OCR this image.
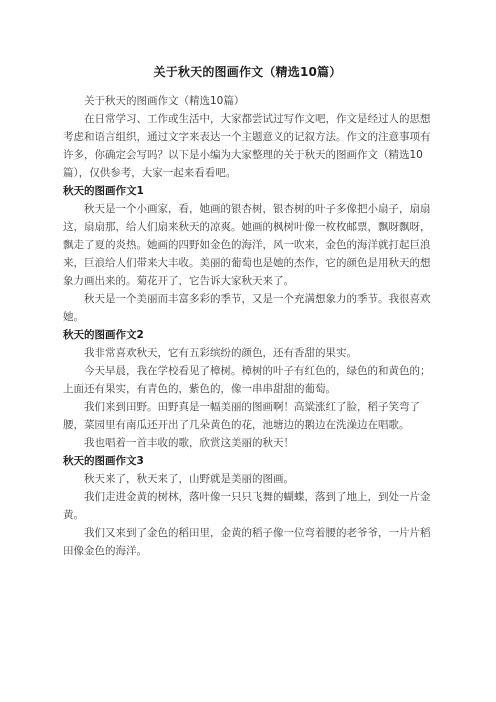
关于秋天的图画作文（精选10篇）

关于秋天的图画作文（精选10篇）

在日常学习、工作或生活中，大家都尝试过写作文吧，作文是经过人的思想考虑和语言组织，通过文字来表达一个主题意义的记叙方法。作文的注意事项有许多，你确定会写吗？以下是小编为大家整理的关于秋天的图画作文（精选10篇），仅供参考，大家一起来看看吧。

秋天的图画作文1

秋天是一个小画家，看，她画的银杏树，银杏树的叶子多像把小扇子，扇扇这，扇扇那，给人们扇来秋天的凉爽。她画的枫树叶像一枚枚邮票，飘呀飘呀，飘走了夏的炎热。她画的四野如金色的海洋，风一吹来，金色的海洋就打起巨浪来，巨浪给人们带来大丰收。美丽的葡萄也是她的杰作，它的颜色是用秋天的想象力画出来的。菊花开了，它告诉大家秋天来了。

秋天是一个美丽而丰富多彩的季节，又是一个充满想象力的季节。我很喜欢她。

秋天的图画作文2

我非常喜欢秋天，它有五彩缤纷的颜色，还有香甜的果实。

今天早晨，我在学校看见了樟树。樟树的叶子有红色的，绿色的和黄色的；上面还有果实，有青色的，紫色的，像一串串甜甜的葡萄。

我们来到田野。田野真是一幅美丽的图画啊！高粱涨红了脸，稻子笑弯了腰，菜园里有南瓜还开出了几朵黄色的花，池塘边的鹅边在洗澡边在唱歌。

我也唱着一首丰收的歌，欣赏这美丽的秋天！

秋天的图画作文3

秋天来了，秋天来了，山野就是美丽的图画。

我们走进金黄的树林，落叶像一只只飞舞的蝴蝶，落到了地上，到处一片金黄。

我们又来到了金色的稻田里，金黄的稻子像一位弯着腰的老爷爷，一片片稻田像金色的海洋。
